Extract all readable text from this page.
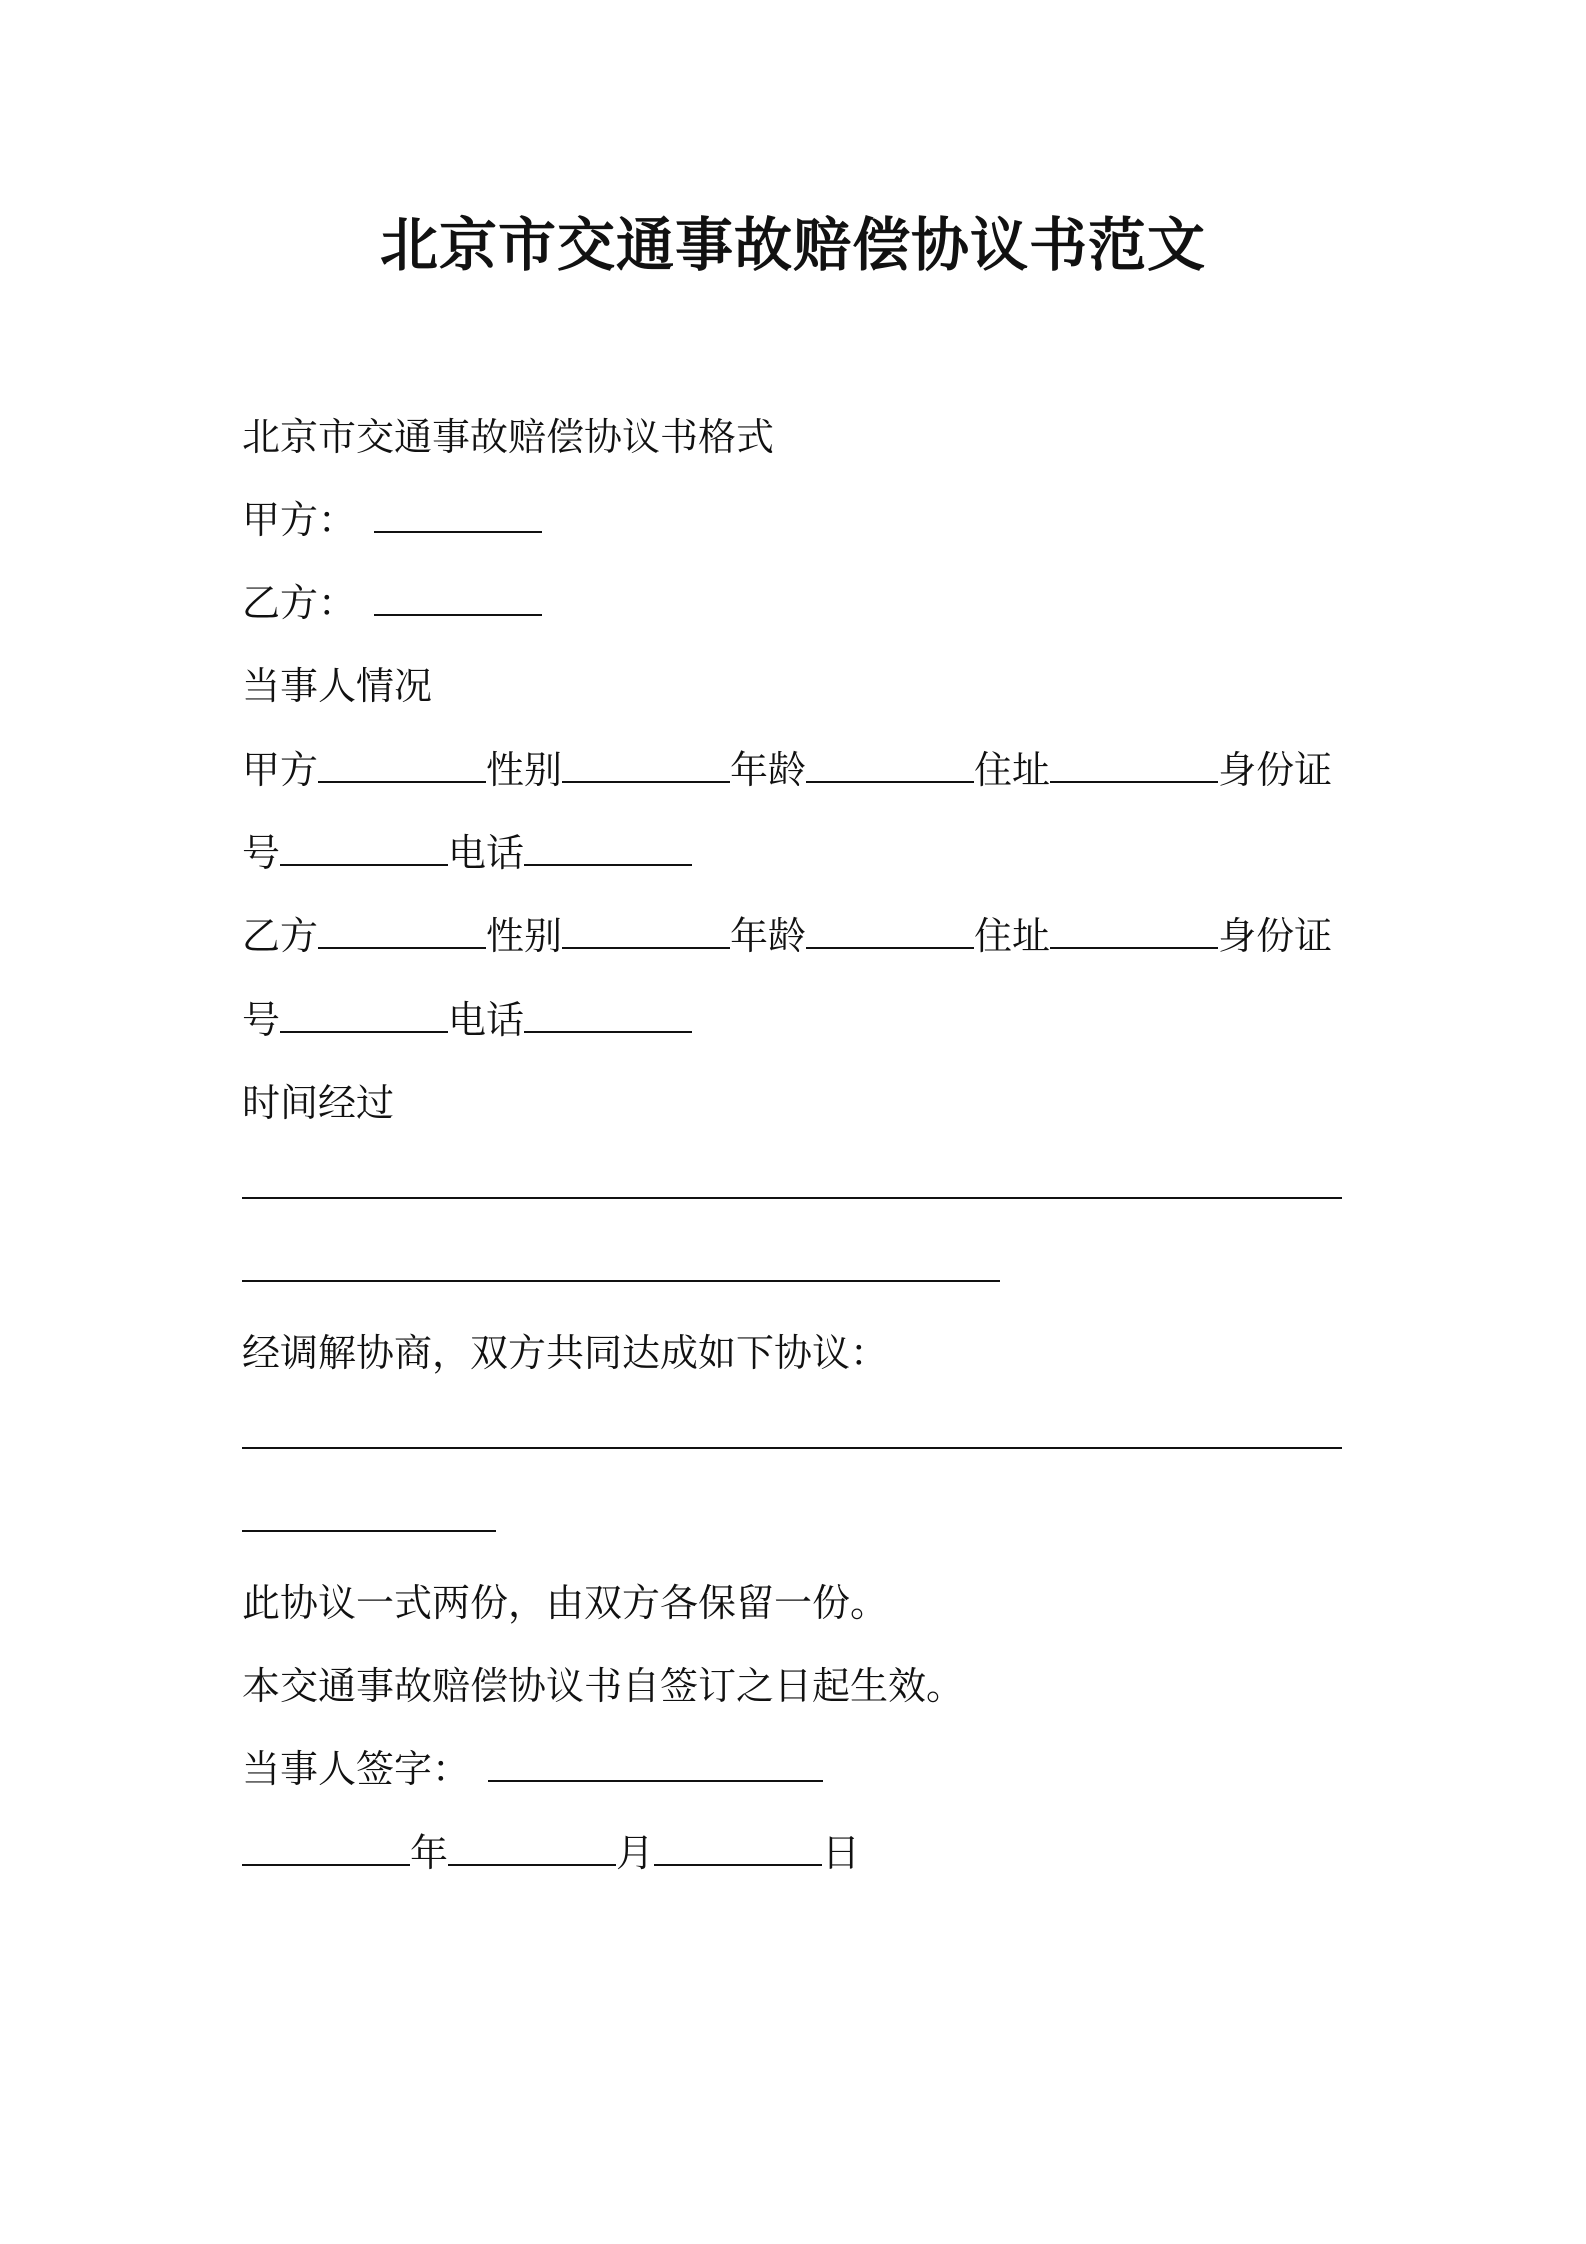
北京市交通事故赔偿协议书范文
北京市交通事故赔偿协议书格式
甲方：
乙方：
当事人情况
甲方	性别	年龄	住址	身份证
号	电话
乙方	性别	年龄	住址	身份证
号	电话
时间经过
经调解协商，双方共同达成如下协议：
此协议一式两份，由双方各保留一份。
本交通事故赔偿协议书自签订之日起生效。
当事人签字：
年	月	日
